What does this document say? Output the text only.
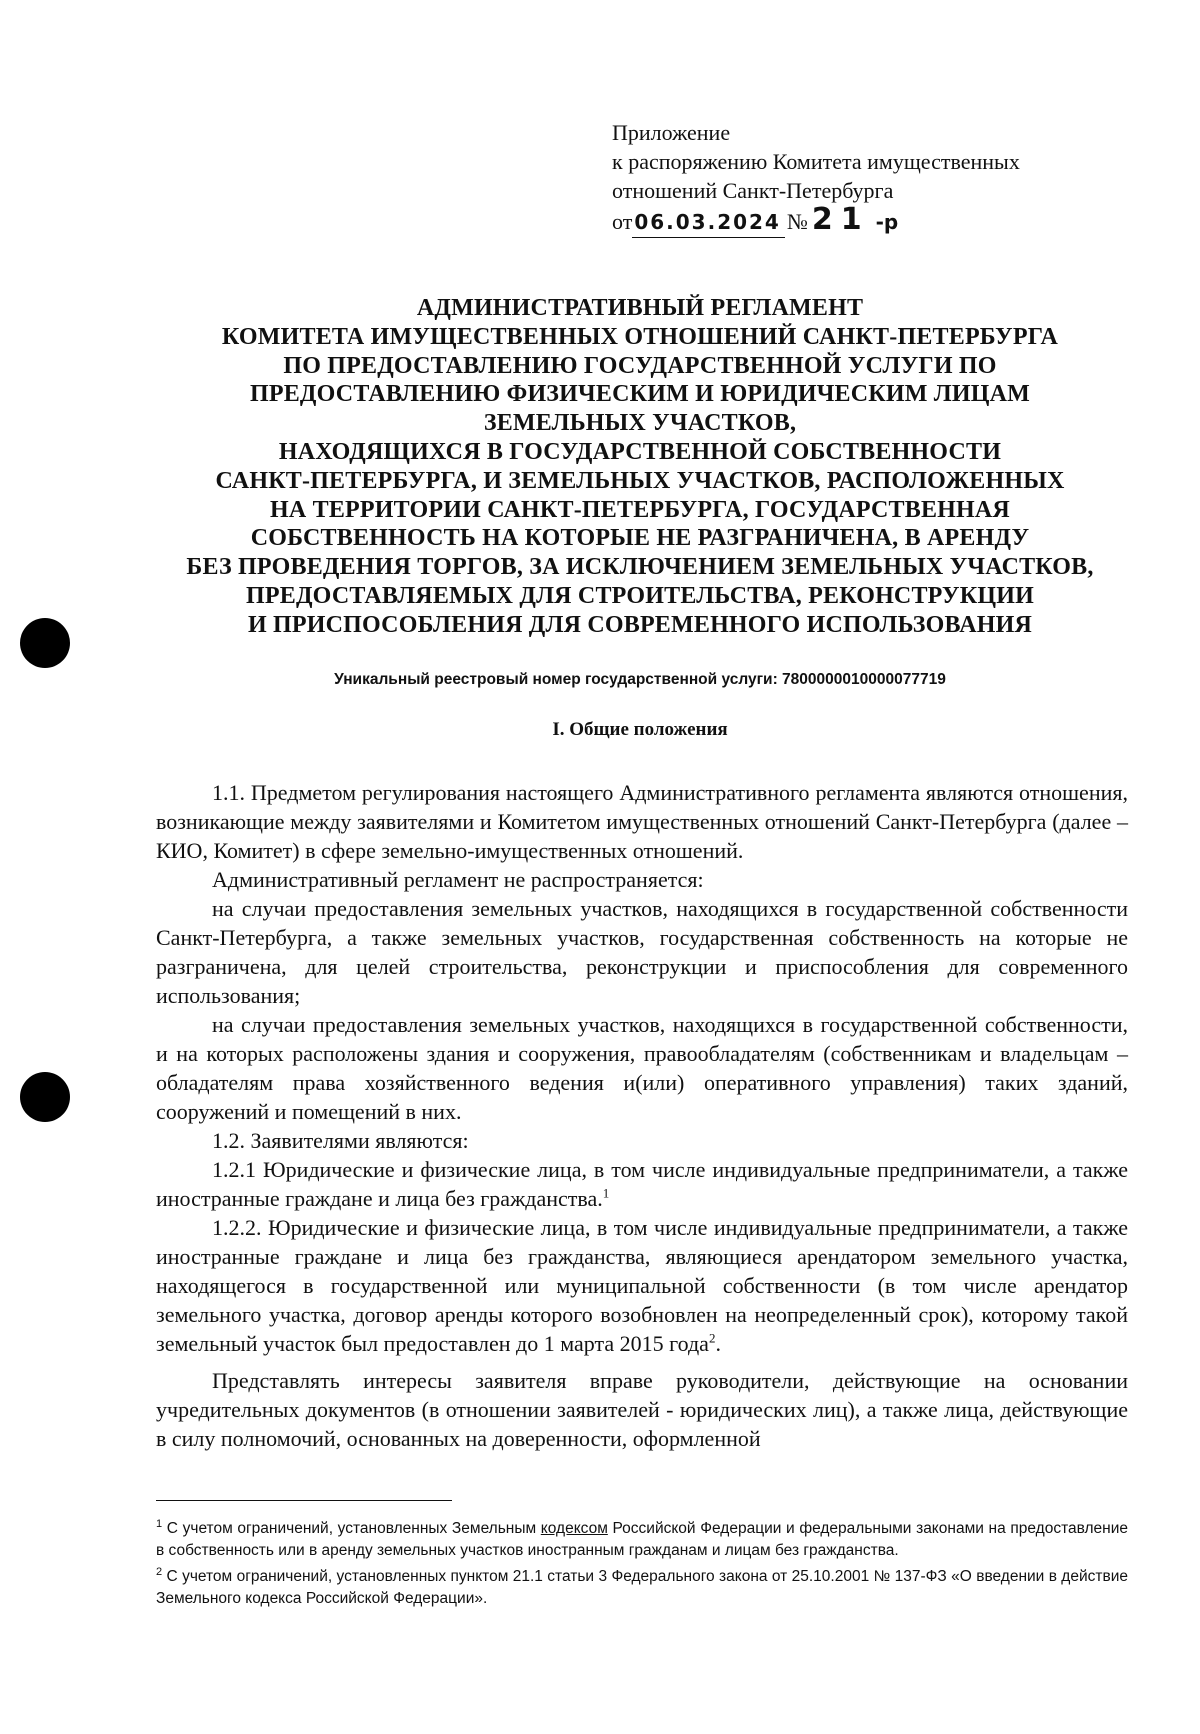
Приложение
к распоряжению Комитета имущественных
отношений Санкт-Петербурга
от 06.03.2024 № 21 -р
АДМИНИСТРАТИВНЫЙ РЕГЛАМЕНТ
КОМИТЕТА ИМУЩЕСТВЕННЫХ ОТНОШЕНИЙ САНКТ-ПЕТЕРБУРГА
ПО ПРЕДОСТАВЛЕНИЮ ГОСУДАРСТВЕННОЙ УСЛУГИ ПО
ПРЕДОСТАВЛЕНИЮ ФИЗИЧЕСКИМ И ЮРИДИЧЕСКИМ ЛИЦАМ
ЗЕМЕЛЬНЫХ УЧАСТКОВ,
НАХОДЯЩИХСЯ В ГОСУДАРСТВЕННОЙ СОБСТВЕННОСТИ
САНКТ-ПЕТЕРБУРГА, И ЗЕМЕЛЬНЫХ УЧАСТКОВ, РАСПОЛОЖЕННЫХ
НА ТЕРРИТОРИИ САНКТ-ПЕТЕРБУРГА, ГОСУДАРСТВЕННАЯ
СОБСТВЕННОСТЬ НА КОТОРЫЕ НЕ РАЗГРАНИЧЕНА, В АРЕНДУ
БЕЗ ПРОВЕДЕНИЯ ТОРГОВ, ЗА ИСКЛЮЧЕНИЕМ ЗЕМЕЛЬНЫХ УЧАСТКОВ,
ПРЕДОСТАВЛЯЕМЫХ ДЛЯ СТРОИТЕЛЬСТВА, РЕКОНСТРУКЦИИ
И ПРИСПОСОБЛЕНИЯ ДЛЯ СОВРЕМЕННОГО ИСПОЛЬЗОВАНИЯ
Уникальный реестровый номер государственной услуги: 7800000010000077719
I. Общие положения

1.1. Предметом регулирования настоящего Административного регламента являются отношения, возникающие между заявителями и Комитетом имущественных отношений Санкт-Петербурга (далее – КИО, Комитет) в сфере земельно-имущественных отношений.

Административный регламент не распространяется:

на случаи предоставления земельных участков, находящихся в государственной собственности Санкт-Петербурга, а также земельных участков, государственная собственность на которые не разграничена, для целей строительства, реконструкции и приспособления для современного использования;

на случаи предоставления земельных участков, находящихся в государственной собственности, и на которых расположены здания и сооружения, правообладателям (собственникам и владельцам – обладателям права хозяйственного ведения и(или) оперативного управления) таких зданий, сооружений и помещений в них.

1.2. Заявителями являются:

1.2.1 Юридические и физические лица, в том числе индивидуальные предприниматели, а также иностранные граждане и лица без гражданства.$^1$

1.2.2. Юридические и физические лица, в том числе индивидуальные предприниматели, а также иностранные граждане и лица без гражданства, являющиеся арендатором земельного участка, находящегося в государственной или муниципальной собственности (в том числе арендатор земельного участка, договор аренды которого возобновлен на неопределенный срок), которому такой земельный участок был предоставлен до 1 марта 2015 года$^2$.

Представлять интересы заявителя вправе руководители, действующие на основании учредительных документов (в отношении заявителей - юридических лиц), а также лица, действующие в силу полномочий, основанных на доверенности, оформленной

$^1$ С учетом ограничений, установленных Земельным кодексом Российской Федерации и федеральными законами на предоставление в собственность или в аренду земельных участков иностранным гражданам и лицам без гражданства.

$^2$ С учетом ограничений, установленных пунктом 21.1 статьи 3 Федерального закона от 25.10.2001 № 137-ФЗ «О введении в действие Земельного кодекса Российской Федерации».
